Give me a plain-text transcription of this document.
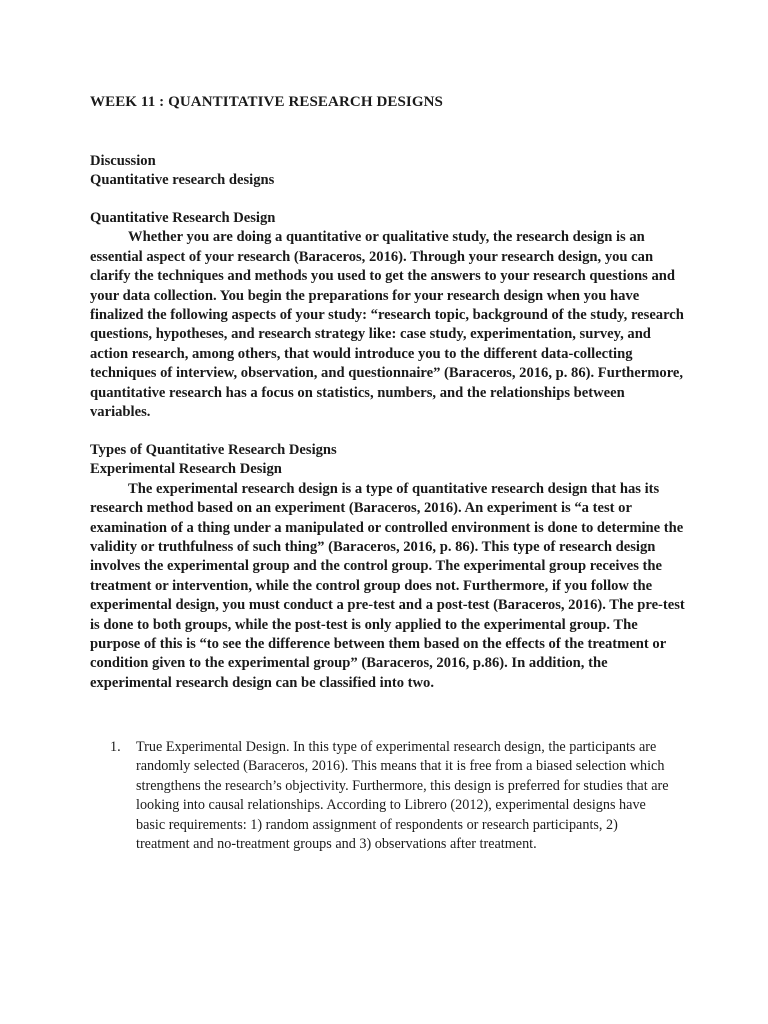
WEEK 11 : QUANTITATIVE RESEARCH DESIGNS
Discussion
Quantitative research designs
Quantitative Research Design

Whether you are doing a quantitative or qualitative study, the research design is an essential aspect of your research (Baraceros, 2016). Through your research design, you can clarify the techniques and methods you used to get the answers to your research questions and your data collection. You begin the preparations for your research design when you have finalized the following aspects of your study: “research topic, background of the study, research questions, hypotheses, and research strategy like: case study, experimentation, survey, and action research, among others, that would introduce you to the different data-collecting techniques of interview, observation, and questionnaire” (Baraceros, 2016, p. 86). Furthermore, quantitative research has a focus on statistics, numbers, and the relationships between variables.

Types of Quantitative Research Designs
Experimental Research Design

The experimental research design is a type of quantitative research design that has its research method based on an experiment (Baraceros, 2016). An experiment is “a test or examination of a thing under a manipulated or controlled environment is done to determine the validity or truthfulness of such thing” (Baraceros, 2016, p. 86). This type of research design involves the experimental group and the control group. The experimental group receives the treatment or intervention, while the control group does not. Furthermore, if you follow the experimental design, you must conduct a pre-test and a post-test (Baraceros, 2016). The pre-test is done to both groups, while the post-test is only applied to the experimental group. The purpose of this is “to see the difference between them based on the effects of the treatment or condition given to the experimental group” (Baraceros, 2016, p.86). In addition, the experimental research design can be classified into two.

1.	True Experimental Design. In this type of experimental research design, the participants are randomly selected (Baraceros, 2016). This means that it is free from a biased selection which strengthens the research’s objectivity. Furthermore, this design is preferred for studies that are looking into causal relationships. According to Librero (2012), experimental designs have basic requirements: 1) random assignment of respondents or research participants, 2) treatment and no-treatment groups and 3) observations after treatment.
